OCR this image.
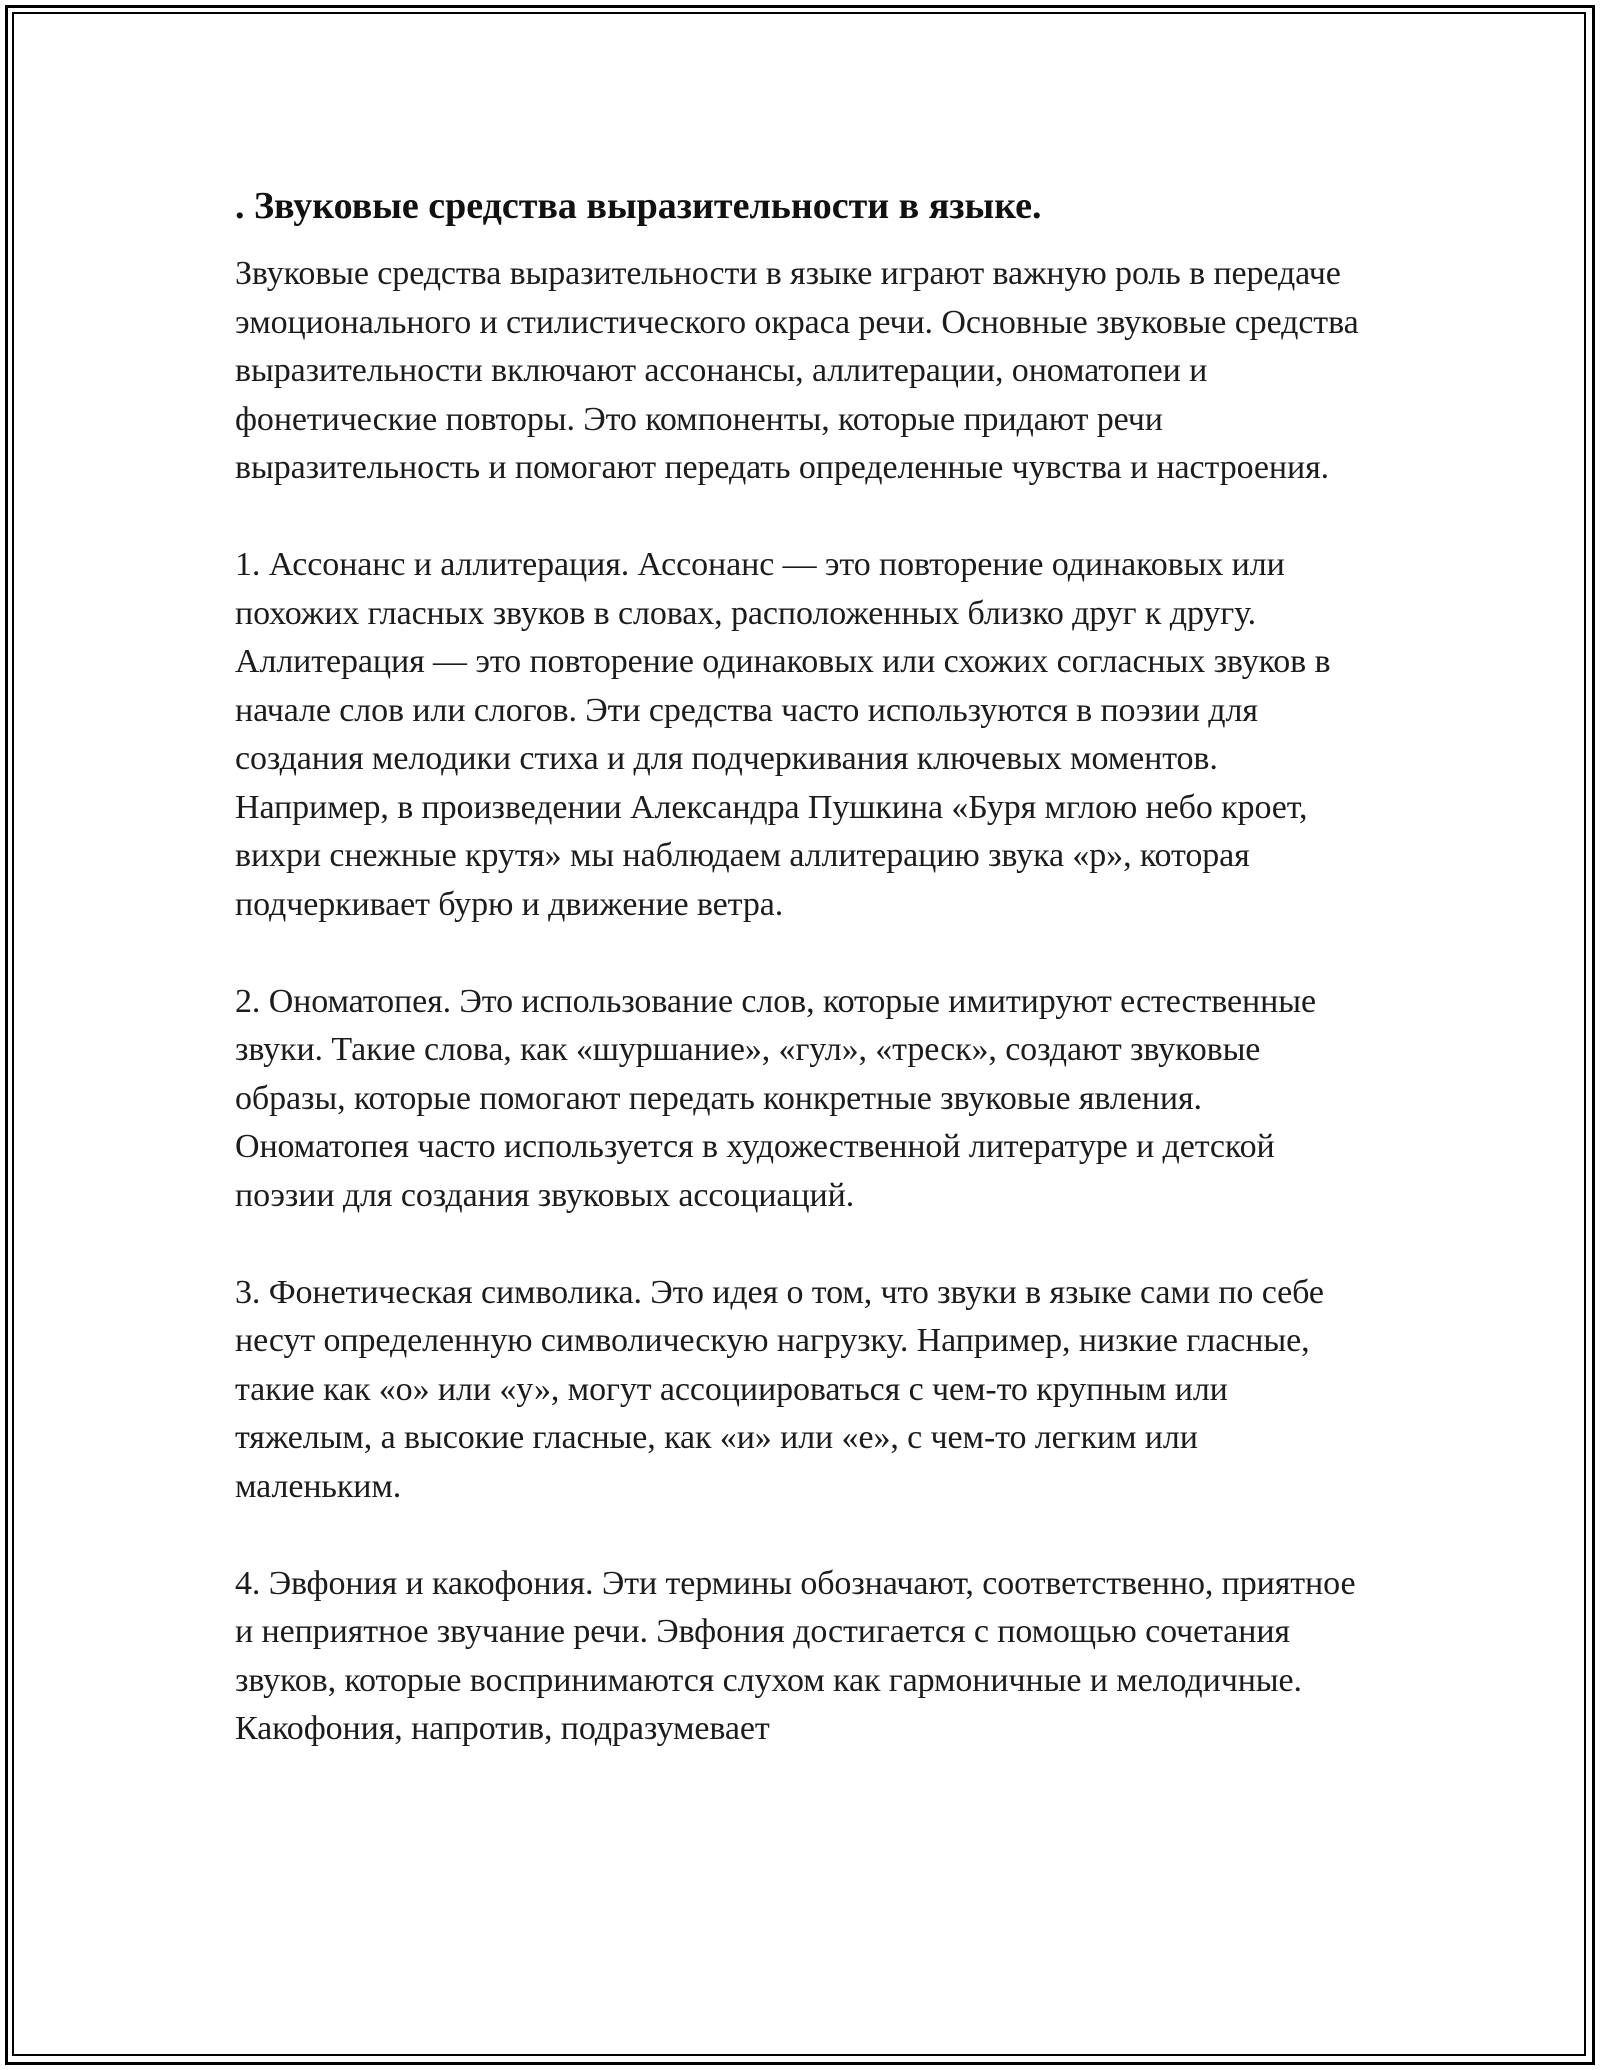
. Звуковые средства выразительности в языке.

Звуковые средства выразительности в языке играют важную роль в передаче эмоционального и стилистического окраса речи. Основные звуковые средства выразительности включают ассонансы, аллитерации, ономатопеи и фонетические повторы. Это компоненты, которые придают речи выразительность и помогают передать определенные чувства и настроения.

1. Ассонанс и аллитерация. Ассонанс — это повторение одинаковых или похожих гласных звуков в словах, расположенных близко друг к другу. Аллитерация — это повторение одинаковых или схожих согласных звуков в начале слов или слогов. Эти средства часто используются в поэзии для создания мелодики стиха и для подчеркивания ключевых моментов. Например, в произведении Александра Пушкина «Буря мглою небо кроет, вихри снежные крутя» мы наблюдаем аллитерацию звука «р», которая подчеркивает бурю и движение ветра.

2. Ономатопея. Это использование слов, которые имитируют естественные звуки. Такие слова, как «шуршание», «гул», «треск», создают звуковые образы, которые помогают передать конкретные звуковые явления. Ономатопея часто используется в художественной литературе и детской поэзии для создания звуковых ассоциаций.

3. Фонетическая символика. Это идея о том, что звуки в языке сами по себе несут определенную символическую нагрузку. Например, низкие гласные, такие как «о» или «у», могут ассоциироваться с чем-то крупным или тяжелым, а высокие гласные, как «и» или «е», с чем-то легким или маленьким.

4. Эвфония и какофония. Эти термины обозначают, соответственно, приятное и неприятное звучание речи. Эвфония достигается с помощью сочетания звуков, которые воспринимаются слухом как гармоничные и мелодичные. Какофония, напротив, подразумевает
